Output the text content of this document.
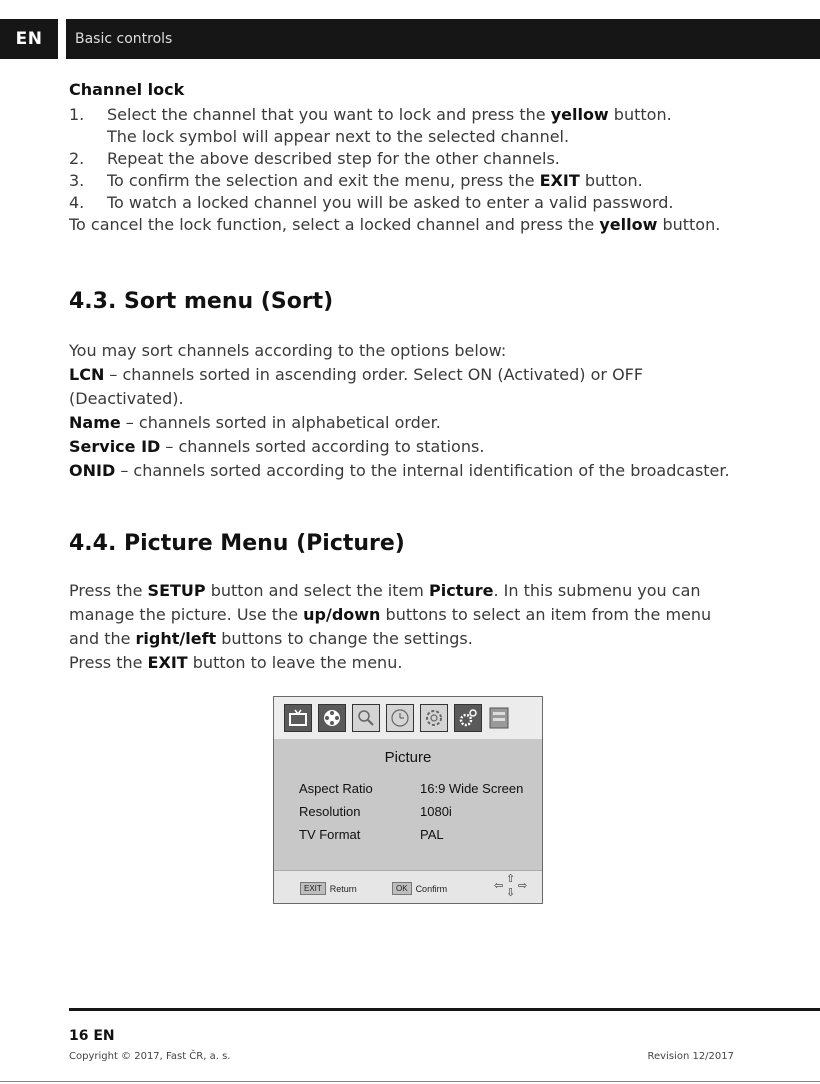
EN	Basic controls
Channel lock
1. Select the channel that you want to lock and press the yellow button.
The lock symbol will appear next to the selected channel.
2. Repeat the above described step for the other channels.
3. To confirm the selection and exit the menu, press the EXIT button.
4. To watch a locked channel you will be asked to enter a valid password.
To cancel the lock function, select a locked channel and press the yellow button.
4.3. Sort menu (Sort)
You may sort channels according to the options below:
LCN – channels sorted in ascending order. Select ON (Activated) or OFF
(Deactivated).
Name – channels sorted in alphabetical order.
Service ID – channels sorted according to stations.
ONID – channels sorted according to the internal identification of the broadcaster.
4.4. Picture Menu (Picture)
Press the SETUP button and select the item Picture. In this submenu you can
manage the picture. Use the up/down buttons to select an item from the menu
and the right/left buttons to change the settings.
Press the EXIT button to leave the menu.
Picture
Aspect Ratio	16:9 Wide Screen
Resolution	1080i
TV Format	PAL
EXIT Return	OK Confirm
⇧
⇩
⇦ ⇨
16 EN
Copyright © 2017, Fast ČR, a. s.	Revision 12/2017
